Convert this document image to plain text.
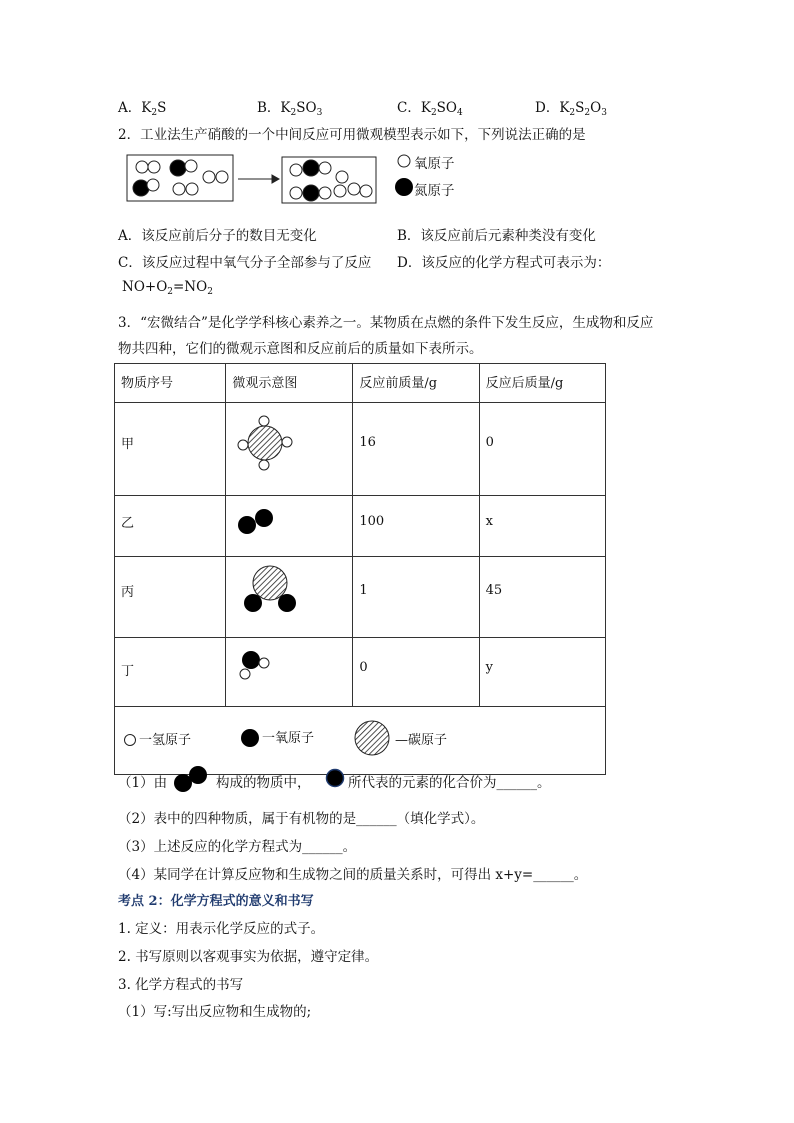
A．$K_2S$	B．$K_2SO_3$	C．$K_2SO_4$	D．$K_2S_2O_3$
2．工业法生产硝酸的一个中间反应可用微观模型表示如下，下列说法正确的是
氧原子
氮原子
A．该反应前后分子的数目无变化	B．该反应前后元素种类没有变化
C．该反应过程中氧气分子全部参与了反应 D．该反应的化学方程式可表示为：
$NO+O_2=NO_2$
3．“宏微结合”是化学学科核心素养之一。某物质在点燃的条件下发生反应，生成物和反应
物共四种，它们的微观示意图和反应前后的质量如下表所示。
物质序号	微观示意图	反应前质量/g	反应后质量/g
甲		16	0
乙		100	x
丙		1	45
丁		0	y

一氢原子 一氧原子 —碳原子			
（1）由	构成的物质中，	所代表的元素的化合价为______。
（2）表中的四种物质，属于有机物的是______（填化学式）。
（3）上述反应的化学方程式为______。
（4）某同学在计算反应物和生成物之间的质量关系时，可得出 x+y=______。
考点 2：化学方程式的意义和书写
1. 定义：用表示化学反应的式子。
2. 书写原则以客观事实为依据，遵守定律。
3. 化学方程式的书写
（1）写:写出反应物和生成物的;
